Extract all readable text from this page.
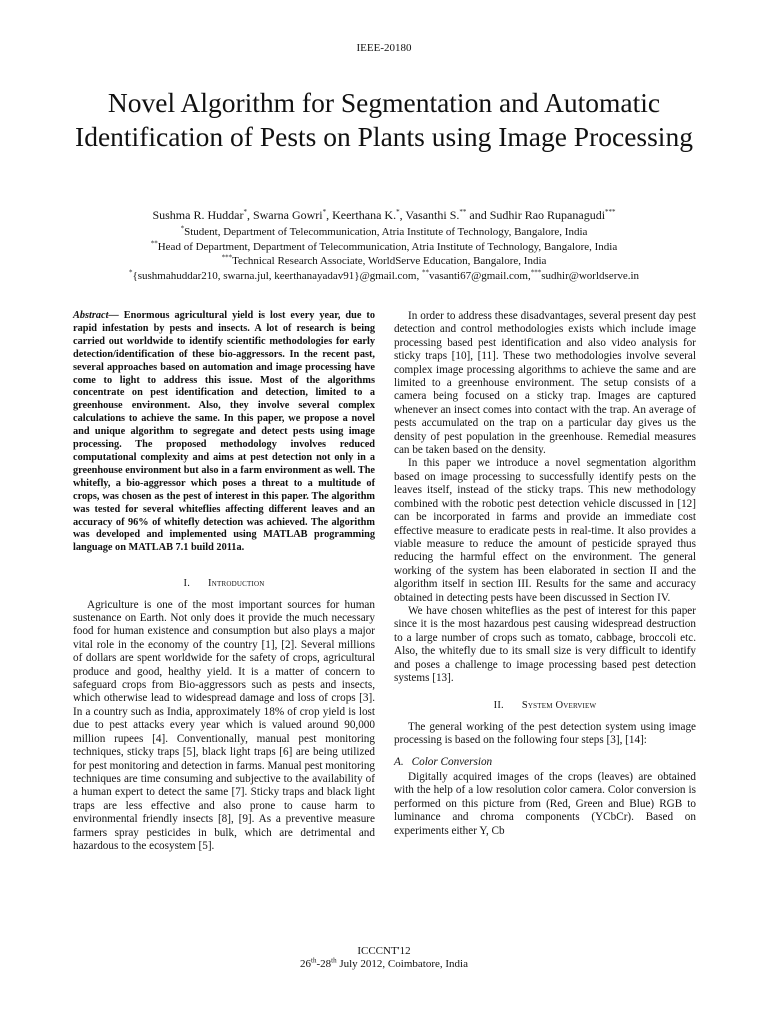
IEEE-20180
Novel Algorithm for Segmentation and Automatic Identification of Pests on Plants using Image Processing
Sushma R. Huddar*, Swarna Gowri*, Keerthana K.*, Vasanthi S.** and Sudhir Rao Rupanagudi***
*Student, Department of Telecommunication, Atria Institute of Technology, Bangalore, India
**Head of Department, Department of Telecommunication, Atria Institute of Technology, Bangalore, India
***Technical Research Associate, WorldServe Education, Bangalore, India
*{sushmahuddar210, swarna.jul, keerthanayadav91}@gmail.com, **vasanti67@gmail.com,***sudhir@worldserve.in

Abstract— Enormous agricultural yield is lost every year, due to rapid infestation by pests and insects. A lot of research is being carried out worldwide to identify scientific methodologies for early detection/identification of these bio-aggressors. In the recent past, several approaches based on automation and image processing have come to light to address this issue. Most of the algorithms concentrate on pest identification and detection, limited to a greenhouse environment. Also, they involve several complex calculations to achieve the same. In this paper, we propose a novel and unique algorithm to segregate and detect pests using image processing. The proposed methodology involves reduced computational complexity and aims at pest detection not only in a greenhouse environment but also in a farm environment as well. The whitefly, a bio-aggressor which poses a threat to a multitude of crops, was chosen as the pest of interest in this paper. The algorithm was tested for several whiteflies affecting different leaves and an accuracy of 96% of whitefly detection was achieved. The algorithm was developed and implemented using MATLAB programming language on MATLAB 7.1 build 2011a.

I. Introduction

Agriculture is one of the most important sources for human sustenance on Earth. Not only does it provide the much necessary food for human existence and consumption but also plays a major vital role in the economy of the country [1], [2]. Several millions of dollars are spent worldwide for the safety of crops, agricultural produce and good, healthy yield. It is a matter of concern to safeguard crops from Bio-aggressors such as pests and insects, which otherwise lead to widespread damage and loss of crops [3]. In a country such as India, approximately 18% of crop yield is lost due to pest attacks every year which is valued around 90,000 million rupees [4]. Conventionally, manual pest monitoring techniques, sticky traps [5], black light traps [6] are being utilized for pest monitoring and detection in farms. Manual pest monitoring techniques are time consuming and subjective to the availability of a human expert to detect the same [7]. Sticky traps and black light traps are less effective and also prone to cause harm to environmental friendly insects [8], [9]. As a preventive measure farmers spray pesticides in bulk, which are detrimental and hazardous to the ecosystem [5].

In order to address these disadvantages, several present day pest detection and control methodologies exists which include image processing based pest identification and also video analysis for sticky traps [10], [11]. These two methodologies involve several complex image processing algorithms to achieve the same and are limited to a greenhouse environment. The setup consists of a camera being focused on a sticky trap. Images are captured whenever an insect comes into contact with the trap. An average of pests accumulated on the trap on a particular day gives us the density of pest population in the greenhouse. Remedial measures can be taken based on the density.

In this paper we introduce a novel segmentation algorithm based on image processing to successfully identify pests on the leaves itself, instead of the sticky traps. This new methodology combined with the robotic pest detection vehicle discussed in [12] can be incorporated in farms and provide an immediate cost effective measure to eradicate pests in real-time. It also provides a viable measure to reduce the amount of pesticide sprayed thus reducing the harmful effect on the environment. The general working of the system has been elaborated in section II and the algorithm itself in section III. Results for the same and accuracy obtained in detecting pests have been discussed in Section IV.

We have chosen whiteflies as the pest of interest for this paper since it is the most hazardous pest causing widespread destruction to a large number of crops such as tomato, cabbage, broccoli etc. Also, the whitefly due to its small size is very difficult to identify and poses a challenge to image processing based pest detection systems [13].

II. System Overview

The general working of the pest detection system using image processing is based on the following four steps [3], [14]:

A. Color Conversion

Digitally acquired images of the crops (leaves) are obtained with the help of a low resolution color camera. Color conversion is performed on this picture from (Red, Green and Blue) RGB to luminance and chroma components (YCbCr). Based on experiments either Y, Cb

ICCCNT'12
26th-28th July 2012, Coimbatore, India
